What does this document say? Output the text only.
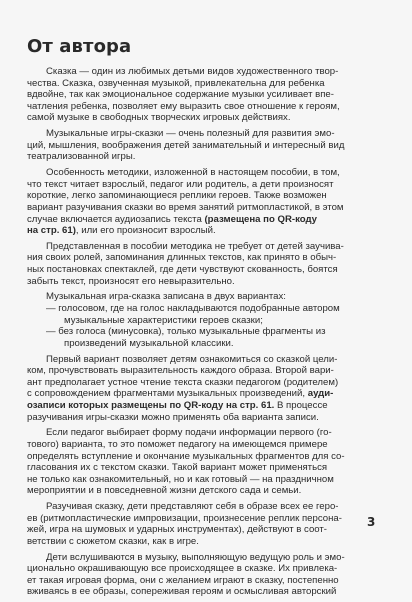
От автора
Сказка — один из любимых детьми видов художественного твор-
чества. Сказка, озвученная музыкой, привлекательна для ребенка
вдвойне, так как эмоциональное содержание музыки усиливает впе-
чатления ребенка, позволяет ему выразить свое отношение к героям,
самой музыке в свободных творческих игровых действиях.
Музыкальные игры-сказки — очень полезный для развития эмо-
ций, мышления, воображения детей занимательный и интересный вид
театрализованной игры.
Особенность методики, изложенной в настоящем пособии, в том,
что текст читает взрослый, педагог или родитель, а дети произносят
короткие, легко запоминающиеся реплики героев. Также возможен
вариант разучивания сказки во время занятий ритмопластикой, в этом
случае включается аудиозапись текста (размещена по QR-коду
на стр. 61), или его произносит взрослый.
Представленная в пособии методика не требует от детей заучива-
ния своих ролей, запоминания длинных текстов, как принято в обыч-
ных постановках спектаклей, где дети чувствуют скованность, боятся
забыть текст, произносят его невыразительно.
Музыкальная игра-сказка записана в двух вариантах:
— голосовом, где на голос накладываются подобранные автором
музыкальные характеристики героев сказки;
— без голоса (минусовка), только музыкальные фрагменты из
произведений музыкальной классики.
Первый вариант позволяет детям ознакомиться со сказкой цели-
ком, прочувствовать выразительность каждого образа. Второй вари-
ант предполагает устное чтение текста сказки педагогом (родителем)
с сопровождением фрагментами музыкальных произведений, ауди-
озаписи которых размещены по QR-коду на стр. 61. В процессе
разучивания игры-сказки можно применять оба варианта записи.
Если педагог выбирает форму подачи информации первого (го-
тового) варианта, то это поможет педагогу на имеющемся примере
определять вступление и окончание музыкальных фрагментов для со-
гласования их с текстом сказки. Такой вариант может применяться
не только как ознакомительный, но и как готовый — на праздничном
мероприятии и в повседневной жизни детского сада и семьи.
Разучивая сказку, дети представляют себя в образе всех ее геро-
ев (ритмопластические импровизации, произнесение реплик персона-
жей, игра на шумовых и ударных инструментах), действуют в соот-
ветствии с сюжетом сказки, как в игре.
Дети вслушиваются в музыку, выполняющую ведущую роль и эмо-
ционально окрашивающую все происходящее в сказке. Их привлека-
ет такая игровая форма, они с желанием играют в сказку, постепенно
вживаясь в ее образы, сопереживая героям и осмысливая авторский
3
